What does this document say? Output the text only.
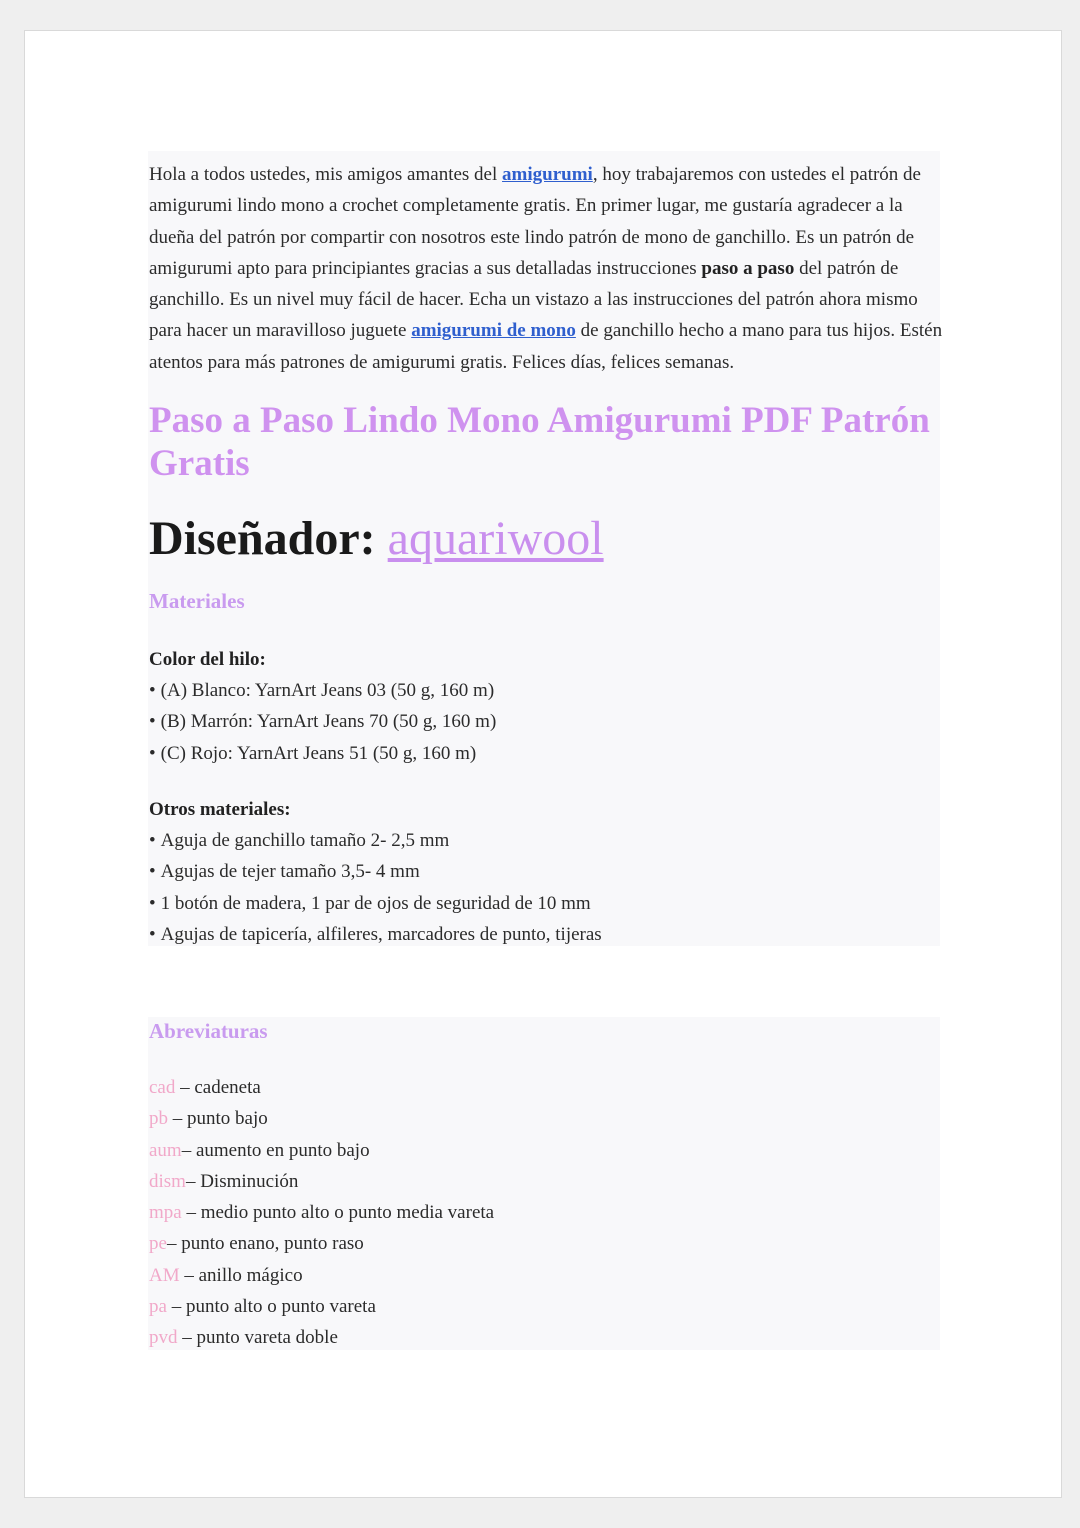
Hola a todos ustedes, mis amigos amantes del amigurumi, hoy trabajaremos con ustedes el patrón de amigurumi lindo mono a crochet completamente gratis. En primer lugar, me gustaría agradecer a la dueña del patrón por compartir con nosotros este lindo patrón de mono de ganchillo. Es un patrón de amigurumi apto para principiantes gracias a sus detalladas instrucciones paso a paso del patrón de ganchillo. Es un nivel muy fácil de hacer. Echa un vistazo a las instrucciones del patrón ahora mismo para hacer un maravilloso juguete amigurumi de mono de ganchillo hecho a mano para tus hijos. Estén atentos para más patrones de amigurumi gratis. Felices días, felices semanas.

Paso a Paso Lindo Mono Amigurumi PDF Patrón Gratis
Diseñador: aquariwool
Materiales

Color del hilo:

• (A) Blanco: YarnArt Jeans 03 (50 g, 160 m)
• (B) Marrón: YarnArt Jeans 70 (50 g, 160 m)
• (C) Rojo: YarnArt Jeans 51 (50 g, 160 m)

Otros materiales:

• Aguja de ganchillo tamaño 2- 2,5 mm
• Agujas de tejer tamaño 3,5- 4 mm
• 1 botón de madera, 1 par de ojos de seguridad de 10 mm
• Agujas de tapicería, alfileres, marcadores de punto, tijeras
Abreviaturas
cad – cadeneta
pb – punto bajo
aum– aumento en punto bajo
dism– Disminución
mpa – medio punto alto o punto media vareta
pe– punto enano, punto raso
AM – anillo mágico
pa – punto alto o punto vareta
pvd – punto vareta doble
